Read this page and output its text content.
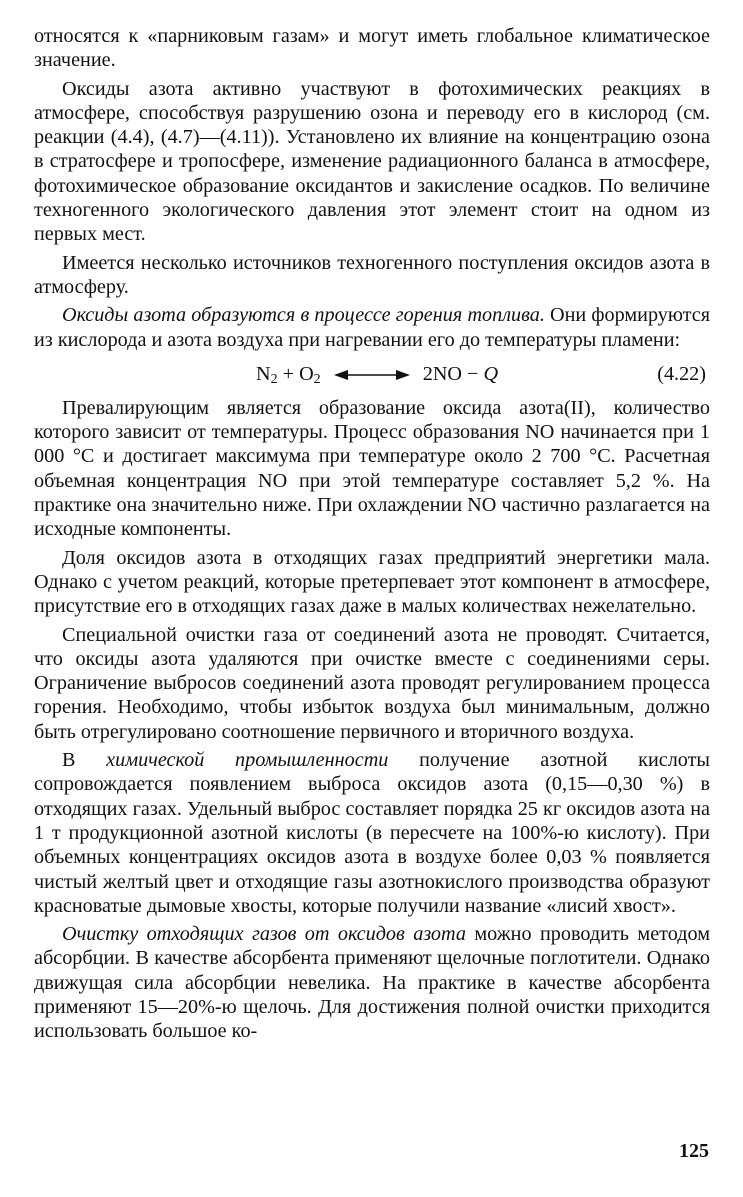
относятся к «парниковым газам» и могут иметь глобальное климатическое значение.

Оксиды азота активно участвуют в фотохимических реакциях в атмосфере, способствуя разрушению озона и переводу его в кислород (см. реакции (4.4), (4.7)—(4.11)). Установлено их влияние на концентрацию озона в стратосфере и тропосфере, изменение радиационного баланса в атмосфере, фотохимическое образование оксидантов и закисление осадков. По величине техногенного экологического давления этот элемент стоит на одном из первых мест.

Имеется несколько источников техногенного поступления оксидов азота в атмосферу.

Оксиды азота образуются в процессе горения топлива. Они формируются из кислорода и азота воздуха при нагревании его до температуры пламени:

$N_2 + O_2$	2NO − Q	(4.22)

Превалирующим является образование оксида азота(II), количество которого зависит от температуры. Процесс образования NO начинается при 1 000 °С и достигает максимума при температуре около 2 700 °С. Расчетная объемная концентрация NO при этой температуре составляет 5,2 %. На практике она значительно ниже. При охлаждении NO частично разлагается на исходные компоненты.

Доля оксидов азота в отходящих газах предприятий энергетики мала. Однако с учетом реакций, которые претерпевает этот компонент в атмосфере, присутствие его в отходящих газах даже в малых количествах нежелательно.

Специальной очистки газа от соединений азота не проводят. Считается, что оксиды азота удаляются при очистке вместе с соединениями серы. Ограничение выбросов соединений азота проводят регулированием процесса горения. Необходимо, чтобы избыток воздуха был минимальным, должно быть отрегулировано соотношение первичного и вторичного воздуха.

В химической промышленности получение азотной кислоты сопровождается появлением выброса оксидов азота (0,15—0,30 %) в отходящих газах. Удельный выброс составляет порядка 25 кг оксидов азота на 1 т продукционной азотной кислоты (в пересчете на 100%-ю кислоту). При объемных концентрациях оксидов азота в воздухе более 0,03 % появляется чистый желтый цвет и отходящие газы азотнокислого производства образуют красноватые дымовые хвосты, которые получили название «лисий хвост».

Очистку отходящих газов от оксидов азота можно проводить методом абсорбции. В качестве абсорбента применяют щелочные поглотители. Однако движущая сила абсорбции невелика. На практике в качестве абсорбента применяют 15—20%-ю щелочь. Для достижения полной очистки приходится использовать большое ко-

125
